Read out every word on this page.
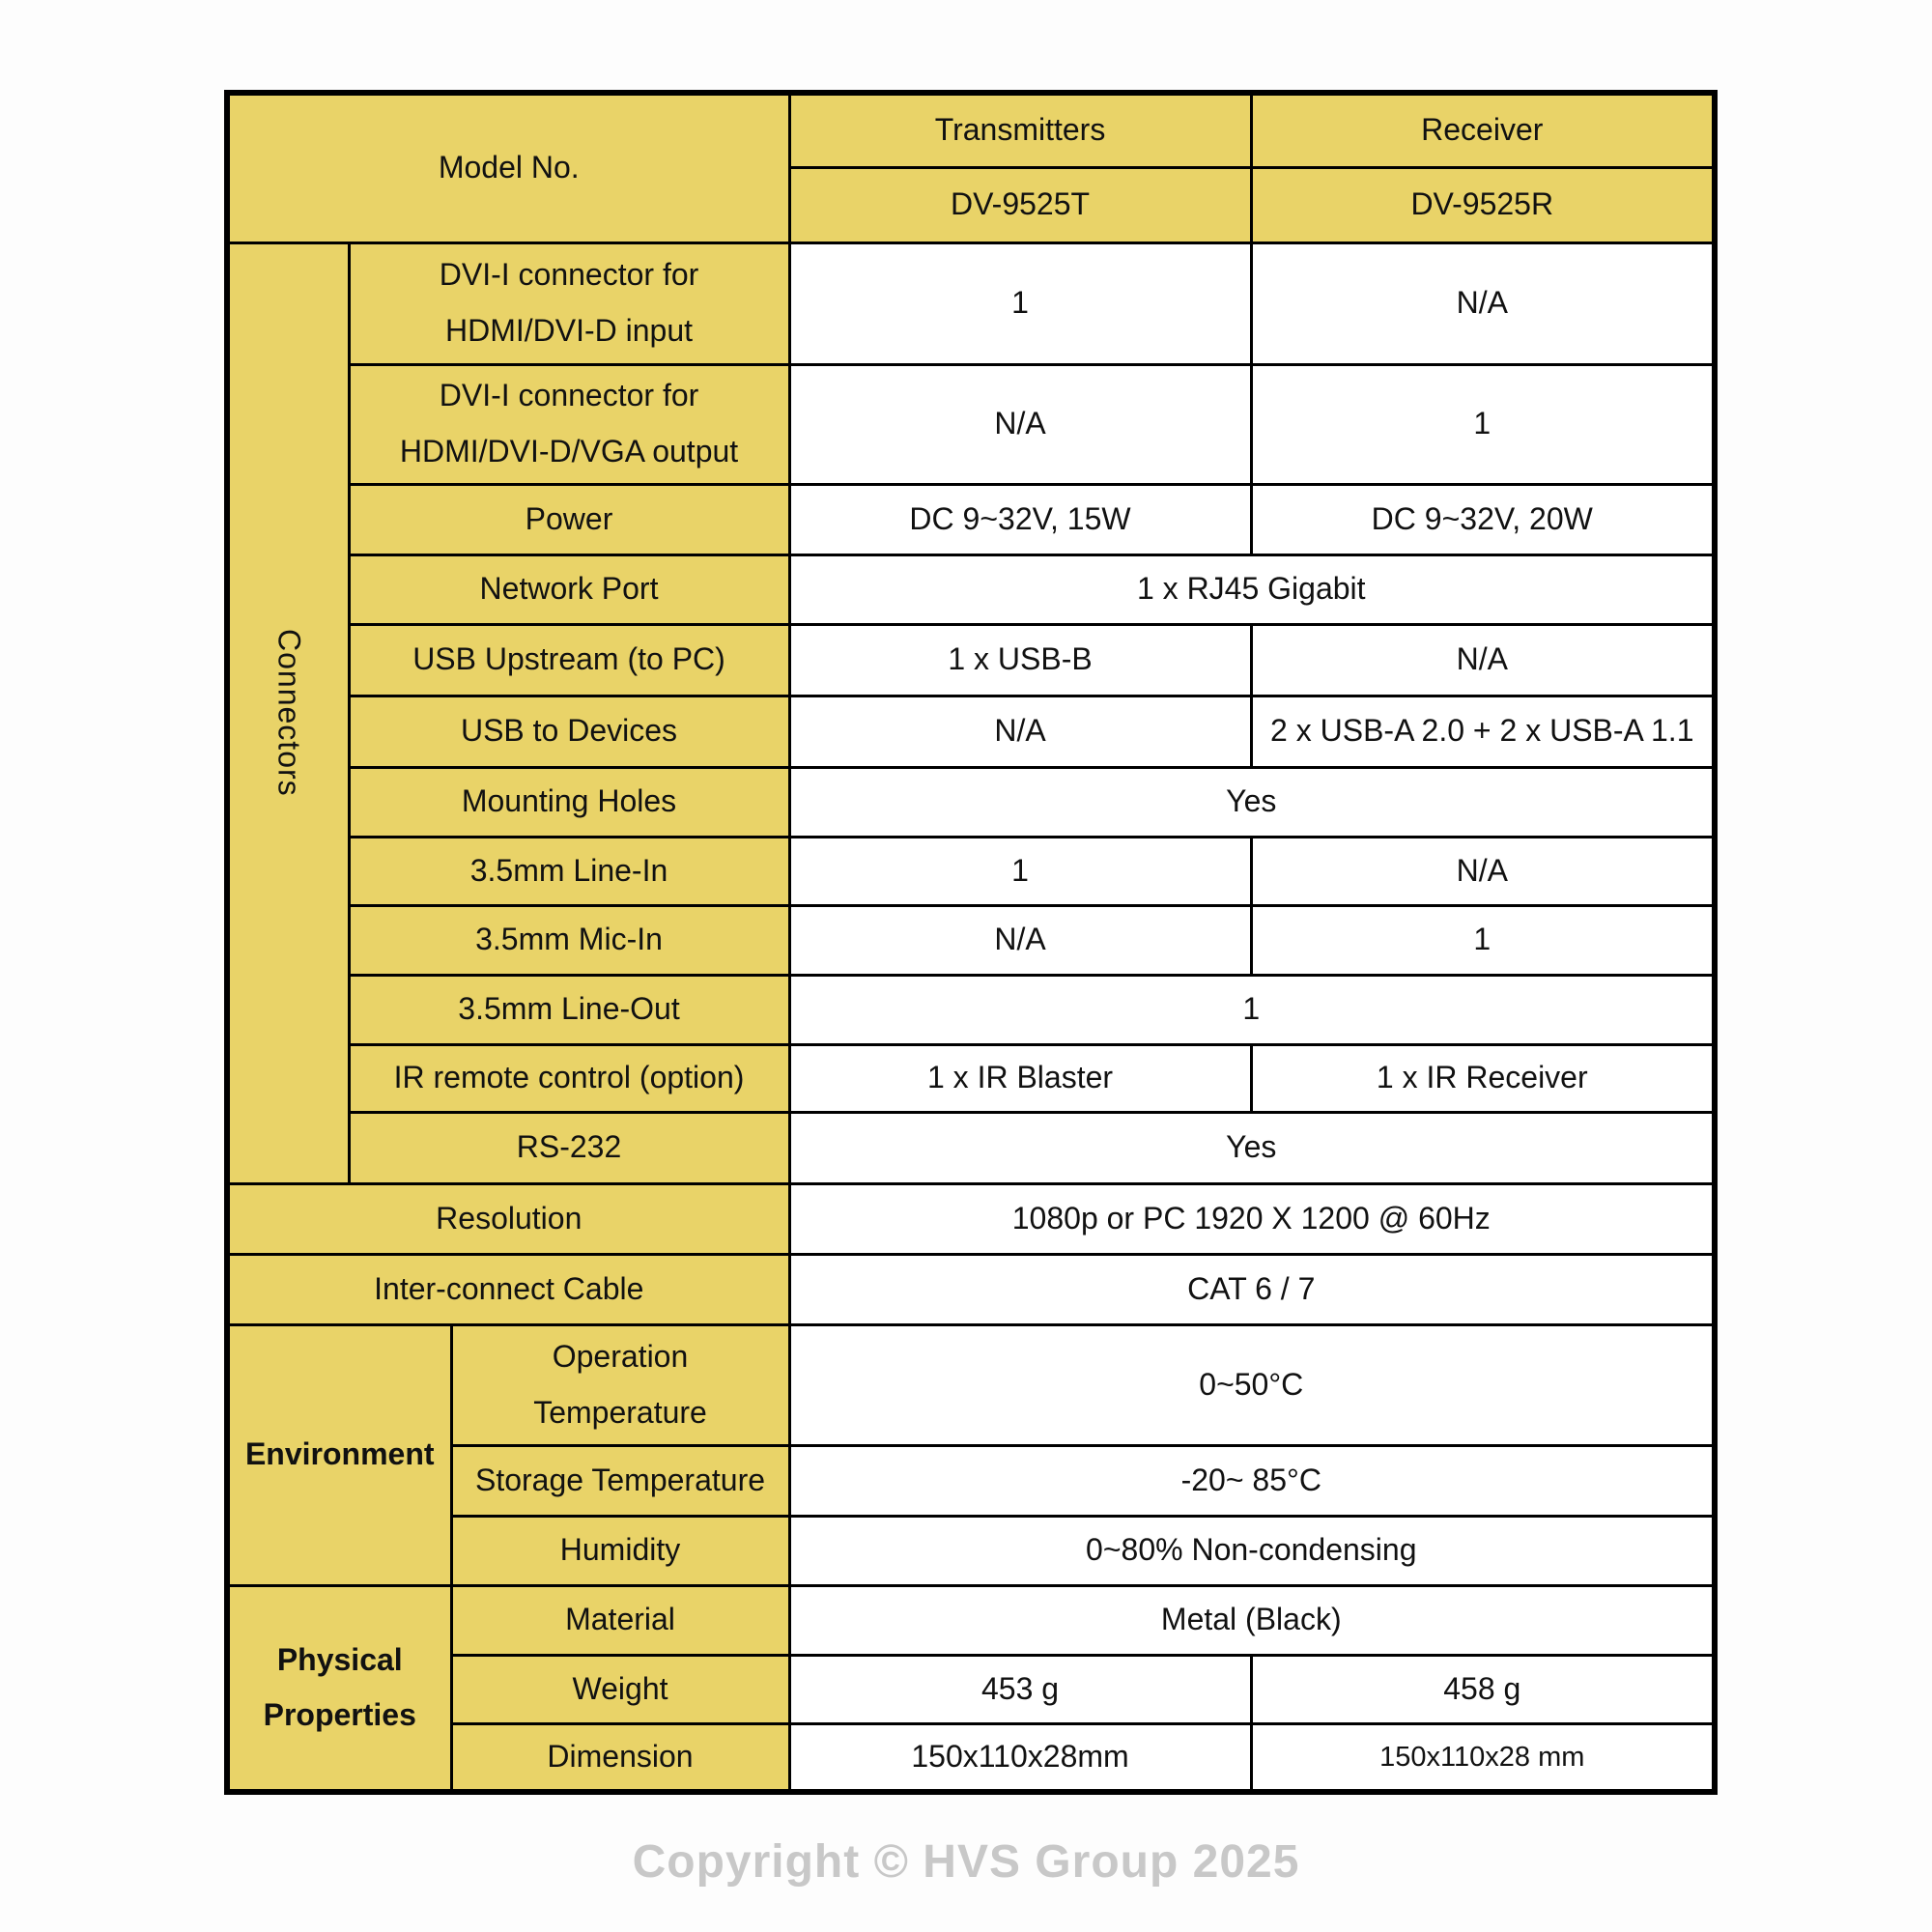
Model No.			Transmitters	Receiver
			DV-9525T	DV-9525R
Connectors	DVI-I connector for HDMI/DVI-D input		1	N/A
	DVI-I connector for HDMI/DVI-D/VGA output		N/A	1
	Power		DC 9~32V, 15W	DC 9~32V, 20W
	Network Port		1 x RJ45 Gigabit	
	USB Upstream (to PC)		1 x USB-B	N/A
	USB to Devices		N/A	2 x USB-A 2.0 + 2 x USB-A 1.1
	Mounting Holes		Yes	
	3.5mm Line-In		1	N/A
	3.5mm Mic-In		N/A	1
	3.5mm Line-Out		1	
	IR remote control (option)		1 x IR Blaster	1 x IR Receiver
	RS-232		Yes	
Resolution			1080p or PC 1920 X 1200 @ 60Hz	
Inter-connect Cable			CAT 6 / 7	
Environment		Operation Temperature	0~50°C	
		Storage Temperature	-20~ 85°C	
		Humidity	0~80% Non-condensing	
Physical Properties		Material	Metal (Black)	
		Weight	453 g	458 g
		Dimension	150x110x28mm	150x110x28 mm
Copyright © HVS Group 2025
